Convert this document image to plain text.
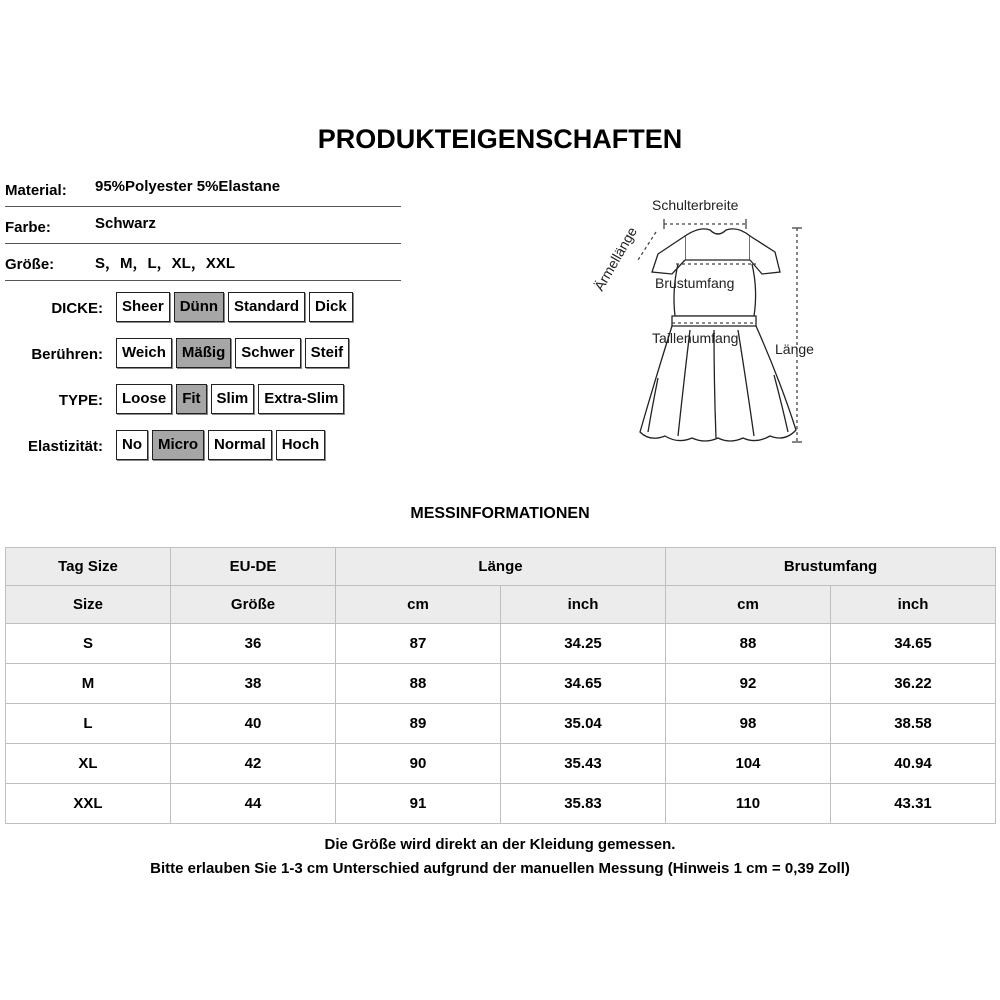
PRODUKTEIGENSCHAFTEN
Material: 95%Polyester 5%Elastane
Farbe:	Schwarz
Größe:	S，M，L，XL，XXL
DICKE:	Sheer	Dünn	Standard	Dick
Berühren:	Weich	Mäßig	Schwer	Steif
TYPE:	Loose	Fit	Slim	Extra-Slim
Elastizität:	No	Micro	Normal	Hoch
Schulterbreite
Ärmellänge Brustumfang
Taillenumfang
Länge
MESSINFORMATIONEN
Tag Size	EU-DE	Länge		Brustumfang	
Size	Größe	cm	inch	cm	inch
S	36	87	34.25	88	34.65
M	38	88	34.65	92	36.22
L	40	89	35.04	98	38.58
XL	42	90	35.43	104	40.94
XXL	44	91	35.83	110	43.31
Die Größe wird direkt an der Kleidung gemessen.
Bitte erlauben Sie 1-3 cm Unterschied aufgrund der manuellen Messung (Hinweis 1 cm = 0,39 Zoll)
